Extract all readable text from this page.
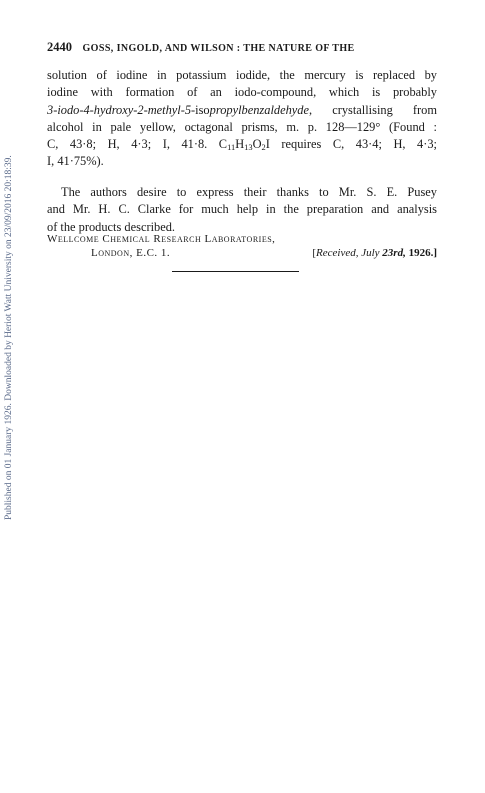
Published on 01 January 1926. Downloaded by Heriot Watt University on 23/09/2016 20:18:39.
2440 GOSS, INGOLD, AND WILSON : THE NATURE OF THE
solution of iodine in potassium iodide, the mercury is replaced by
iodine with formation of an iodo-compound, which is probably
3-iodo-4-hydroxy-2-methyl-5-isopropylbenzaldehyde, crystallising from
alcohol in pale yellow, octagonal prisms, m. p. 128—129° (Found :
C, 43·8; H, 4·3; I, 41·8. $C_{11}H_{13}O_2I$ requires C, 43·4; H, 4·3;
I, 41·75%).
The authors desire to express their thanks to Mr. S. E. Pusey
and Mr. H. C. Clarke for much help in the preparation and analysis
of the products described.
Wellcome Chemical Research Laboratories,
London, E.C. 1.	[Received, July 23rd, 1926.]
